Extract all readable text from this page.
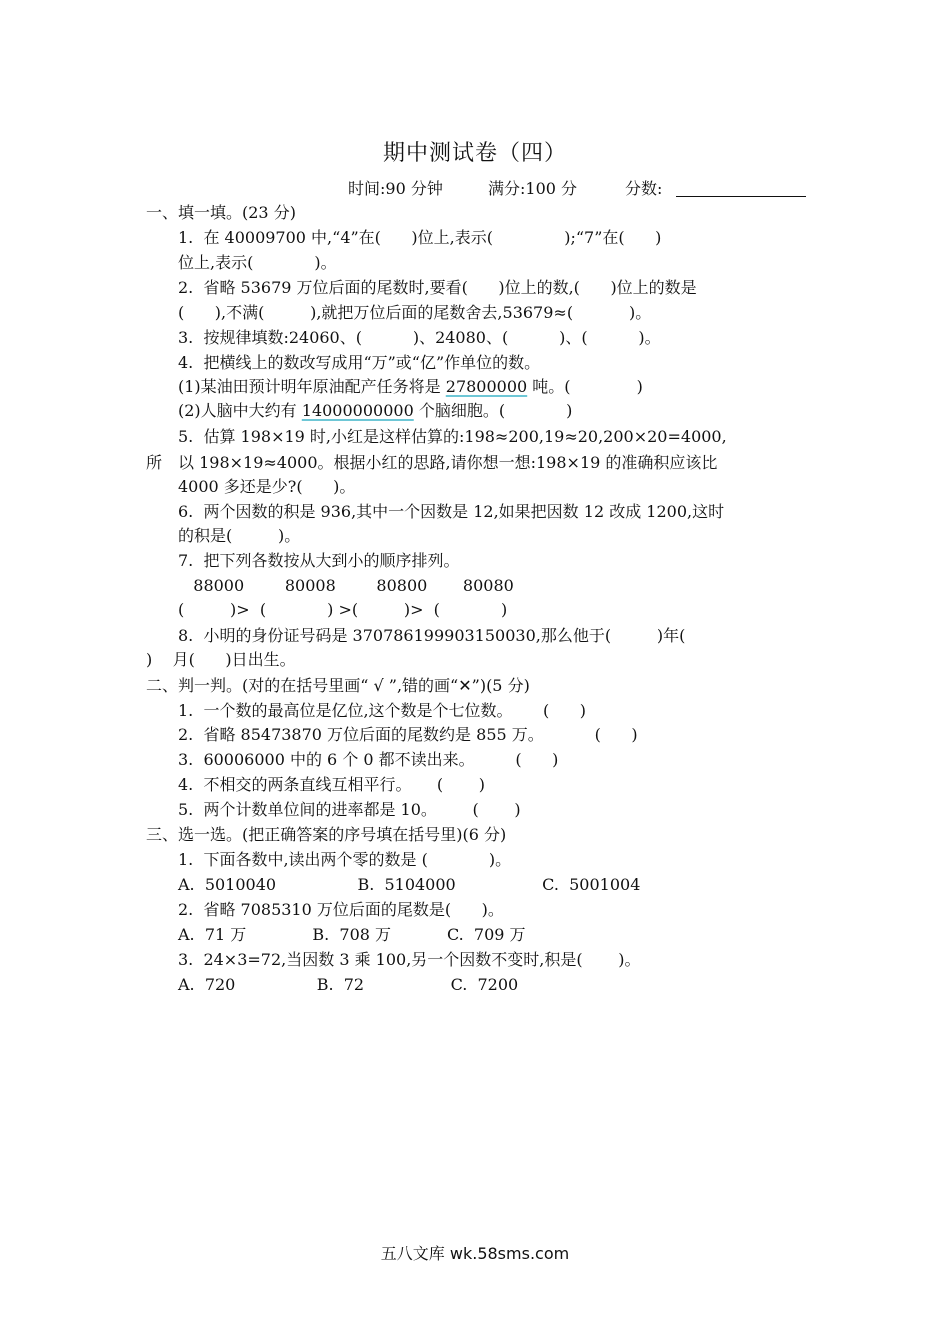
期中测试卷（四）
时间:90 分钟	满分:100 分	分数:
一、填一填。(23 分)
1.  在 40009700 中,“4”在(      )位上,表示(              );“7”在(      )
位上,表示(            )。
2.  省略 53679 万位后面的尾数时,要看(      )位上的数,(      )位上的数是
(      ),不满(         ),就把万位后面的尾数舍去,53679≈(           )。
3.  按规律填数:24060、(          )、24080、(          )、(          )。
4.  把横线上的数改写成用“万”或“亿”作单位的数。
(1)某油田预计明年原油配产任务将是 27800000 吨。(             )
(2)人脑中大约有 14000000000 个脑细胞。(            )
5.  估算 198×19 时,小红是这样估算的:198≈200,19≈20,200×20=4000,
所 以 198×19≈4000。根据小红的思路,请你想一想:198×19 的准确积应该比
4000 多还是少?(      )。
6.  两个因数的积是 936,其中一个因数是 12,如果把因数 12 改成 1200,这时
的积是(         )。
7.  把下列各数按从大到小的顺序排列。
88000        80008        80800       80080
(         )>  (            ) >(         )>  (            )
8.  小明的身份证号码是 370786199903150030,那么他于(         )年(
)    月(      )日出生。
二、判一判。(对的在括号里画“ √ ”,错的画“✕”)(5 分)
1.  一个数的最高位是亿位,这个数是个七位数。      (      )
2.  省略 85473870 万位后面的尾数约是 855 万。          (      )
3.  60006000 中的 6 个 0 都不读出来。        (      )
4.  不相交的两条直线互相平行。     (       )
5.  两个计数单位间的进率都是 10。       (       )
三、选一选。(把正确答案的序号填在括号里)(6 分)
1.  下面各数中,读出两个零的数是 (            )。
A.  5010040                B.  5104000                 C.  5001004
2.  省略 7085310 万位后面的尾数是(      )。
A.  71 万             B.  708 万           C.  709 万
3.  24×3=72,当因数 3 乘 100,另一个因数不变时,积是(       )。
A.  720                B.  72                 C.  7200
五八文库 wk.58sms.com
